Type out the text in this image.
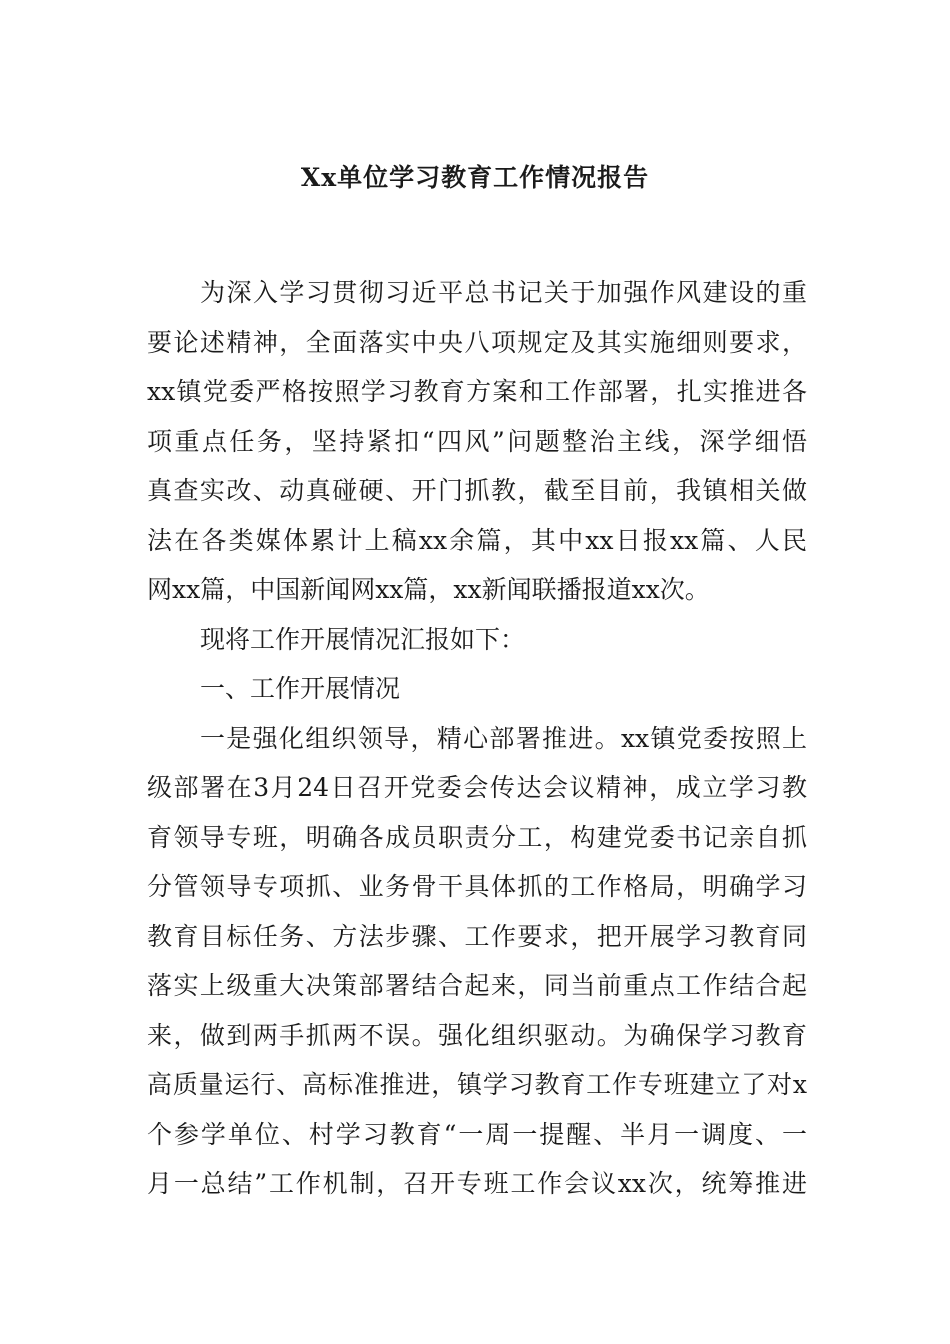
Xx单位学习教育工作情况报告
为深入学习贯彻习近平总书记关于加强作风建设的重
要论述精神，全面落实中央八项规定及其实施细则要求，
xx镇党委严格按照学习教育方案和工作部署，扎实推进各
项重点任务，坚持紧扣“四风”问题整治主线，深学细悟
真查实改、动真碰硬、开门抓教，截至目前，我镇相关做
法在各类媒体累计上稿xx余篇，其中xx日报xx篇、人民
网xx篇，中国新闻网xx篇，xx新闻联播报道xx次。
现将工作开展情况汇报如下：
一、工作开展情况
一是强化组织领导，精心部署推进。xx镇党委按照上
级部署在3月24日召开党委会传达会议精神，成立学习教
育领导专班，明确各成员职责分工，构建党委书记亲自抓
分管领导专项抓、业务骨干具体抓的工作格局，明确学习
教育目标任务、方法步骤、工作要求，把开展学习教育同
落实上级重大决策部署结合起来，同当前重点工作结合起
来，做到两手抓两不误。强化组织驱动。为确保学习教育
高质量运行、高标准推进，镇学习教育工作专班建立了对x
个参学单位、村学习教育“一周一提醒、半月一调度、一
月一总结”工作机制，召开专班工作会议xx次，统筹推进
